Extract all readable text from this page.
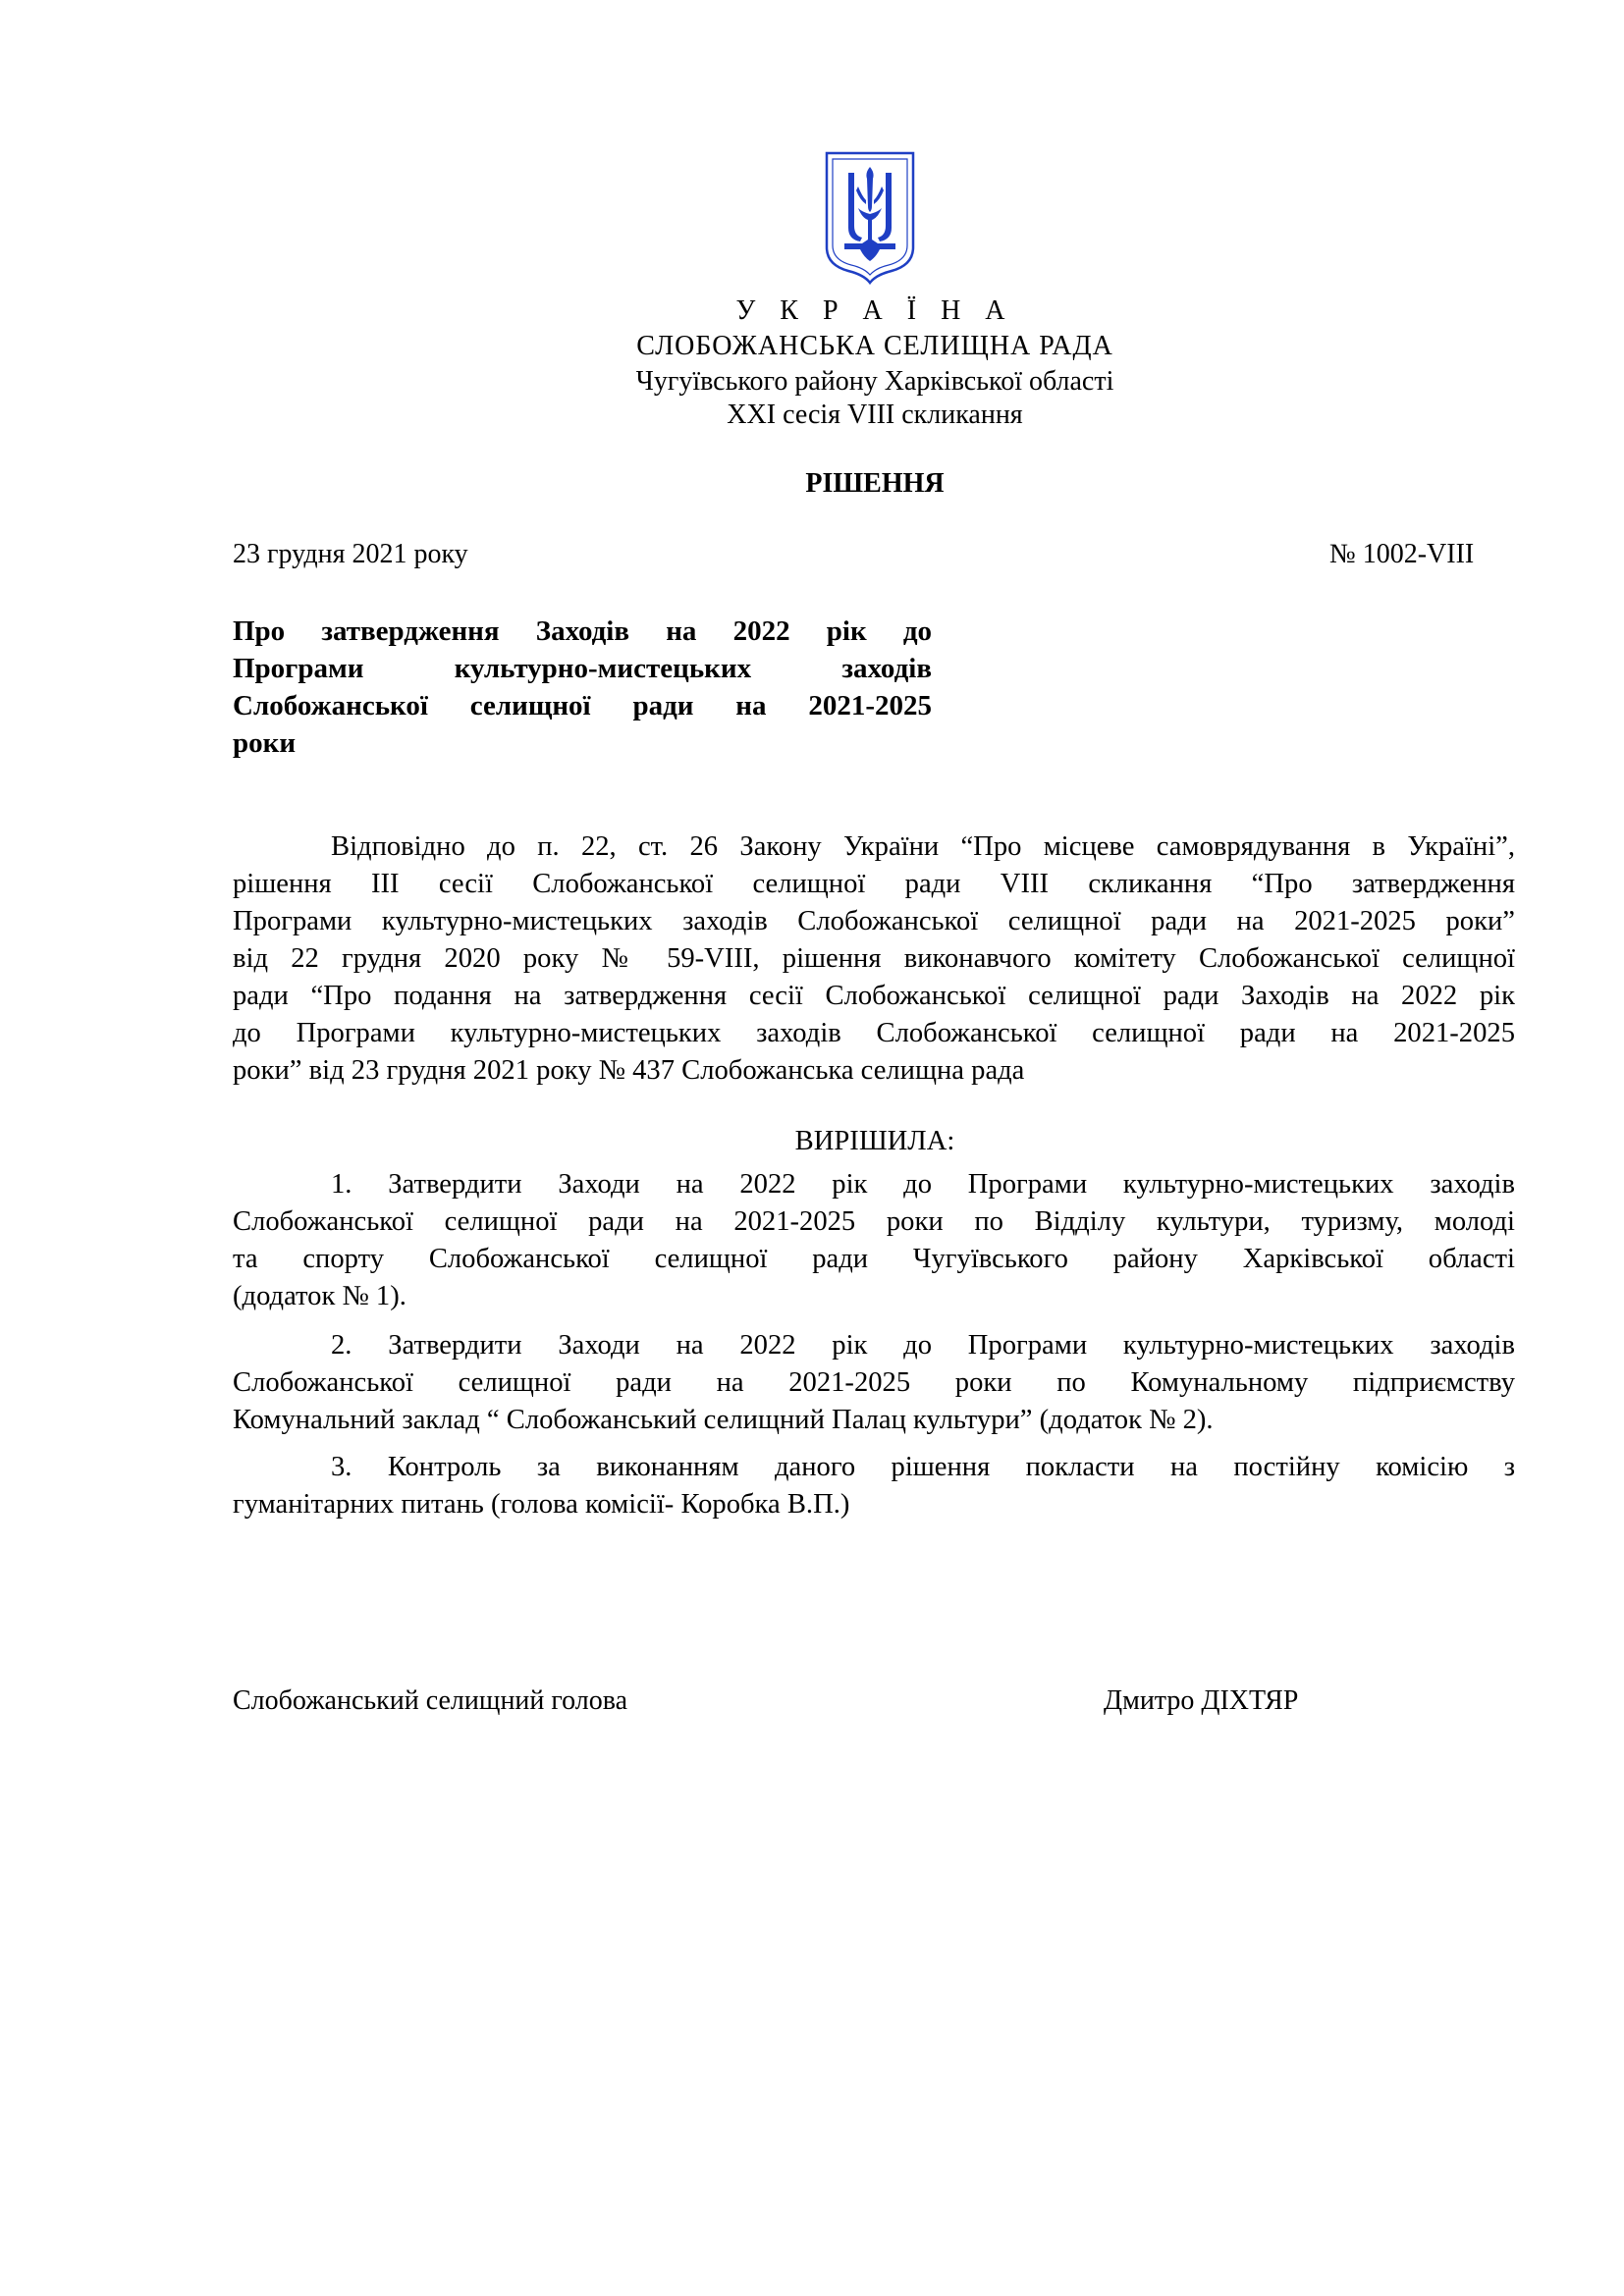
У К Р А Ї Н А
СЛОБОЖАНСЬКА СЕЛИЩНА РАДА
Чугуївського району Харківської області
XXI сесія VIII скликання
РІШЕННЯ
23 грудня 2021 року	№ 1002-VIII
Про затвердження Заходів на 2022 рік до
Програми культурно-мистецьких заходів
Слобожанської селищної ради на 2021-2025
роки
Відповідно до п. 22, ст. 26 Закону України “Про місцеве самоврядування в Україні”,
рішення ІІІ сесії Слобожанської селищної ради VIII скликання “Про затвердження
Програми культурно-мистецьких заходів Слобожанської селищної ради на 2021-2025 роки”
від 22 грудня 2020 року № 59-VIII, рішення виконавчого комітету Слобожанської селищної
ради “Про подання на затвердження сесії Слобожанської селищної ради Заходів на 2022 рік
до Програми культурно-мистецьких заходів Слобожанської селищної ради на 2021-2025
роки” від 23 грудня 2021 року № 437 Слобожанська селищна рада
ВИРІШИЛА:
1. Затвердити Заходи на 2022 рік до Програми культурно-мистецьких заходів
Слобожанської селищної ради на 2021-2025 роки по Відділу культури, туризму, молоді
та спорту Слобожанської селищної ради Чугуївського району Харківської області
(додаток № 1).
2. Затвердити Заходи на 2022 рік до Програми культурно-мистецьких заходів
Слобожанської селищної ради на 2021-2025 роки по Комунальному підприємству
Комунальний заклад “ Слобожанський селищний Палац культури” (додаток № 2).
3. Контроль за виконанням даного рішення покласти на постійну комісію з
гуманітарних питань (голова комісії- Коробка В.П.)
Слобожанський селищний голова	Дмитро ДІХТЯР
